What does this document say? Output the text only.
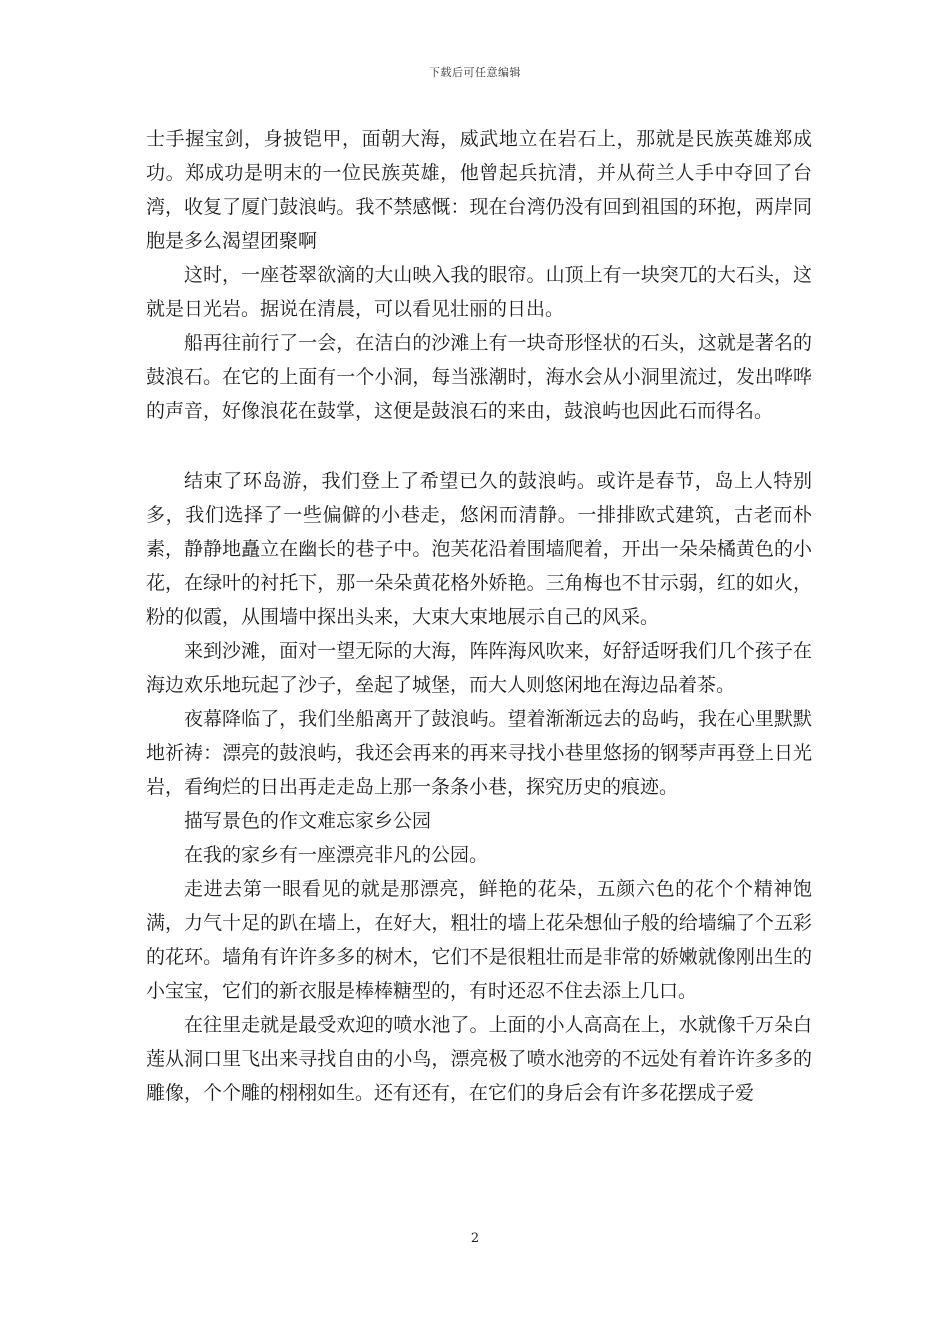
下载后可任意编辑

士手握宝剑，身披铠甲，面朝大海，威武地立在岩石上，那就是民族英雄郑成功。郑成功是明末的一位民族英雄，他曾起兵抗清，并从荷兰人手中夺回了台湾，收复了厦门鼓浪屿。我不禁感慨：现在台湾仍没有回到祖国的环抱，两岸同胞是多么渴望团聚啊

这时，一座苍翠欲滴的大山映入我的眼帘。山顶上有一块突兀的大石头，这就是日光岩。据说在清晨，可以看见壮丽的日出。

船再往前行了一会，在洁白的沙滩上有一块奇形怪状的石头，这就是著名的鼓浪石。在它的上面有一个小洞，每当涨潮时，海水会从小洞里流过，发出哗哗的声音，好像浪花在鼓掌，这便是鼓浪石的来由，鼓浪屿也因此石而得名。

结束了环岛游，我们登上了希望已久的鼓浪屿。或许是春节，岛上人特别多，我们选择了一些偏僻的小巷走，悠闲而清静。一排排欧式建筑，古老而朴素，静静地矗立在幽长的巷子中。泡芙花沿着围墙爬着，开出一朵朵橘黄色的小花，在绿叶的衬托下，那一朵朵黄花格外娇艳。三角梅也不甘示弱，红的如火，粉的似霞，从围墙中探出头来，大束大束地展示自己的风采。

来到沙滩，面对一望无际的大海，阵阵海风吹来，好舒适呀我们几个孩子在海边欢乐地玩起了沙子，垒起了城堡，而大人则悠闲地在海边品着茶。

夜幕降临了，我们坐船离开了鼓浪屿。望着渐渐远去的岛屿，我在心里默默地祈祷：漂亮的鼓浪屿，我还会再来的再来寻找小巷里悠扬的钢琴声再登上日光岩，看绚烂的日出再走走岛上那一条条小巷，探究历史的痕迹。

描写景色的作文难忘家乡公园

在我的家乡有一座漂亮非凡的公园。

走进去第一眼看见的就是那漂亮，鲜艳的花朵，五颜六色的花个个精神饱满，力气十足的趴在墙上，在好大，粗壮的墙上花朵想仙子般的给墙编了个五彩的花环。墙角有许许多多的树木，它们不是很粗壮而是非常的娇嫩就像刚出生的小宝宝，它们的新衣服是棒棒糖型的，有时还忍不住去添上几口。

在往里走就是最受欢迎的喷水池了。上面的小人高高在上，水就像千万朵白莲从洞口里飞出来寻找自由的小鸟，漂亮极了喷水池旁的不远处有着许许多多的雕像，个个雕的栩栩如生。还有还有，在它们的身后会有许多花摆成子爱

2
